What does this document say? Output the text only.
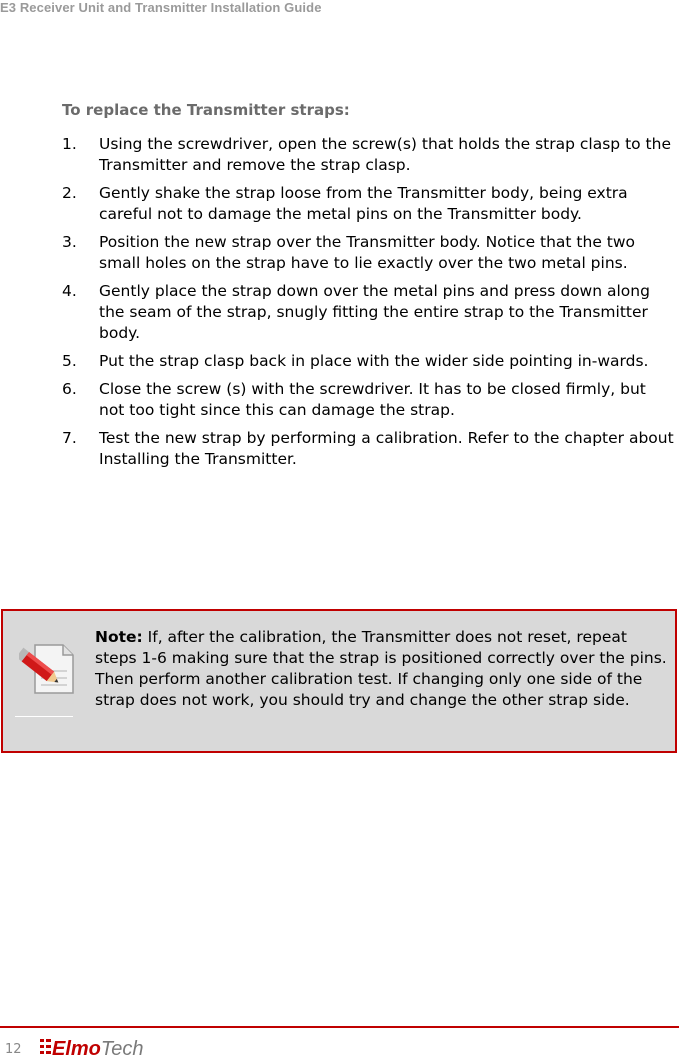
E3 Receiver Unit and Transmitter Installation Guide
To replace the Transmitter straps:
1.	Using the screwdriver, open the screw(s) that holds the strap clasp to the Transmitter and remove the strap clasp.
2.	Gently shake the strap loose from the Transmitter body, being extra careful not to damage the metal pins on the Transmitter body.
3.	Position the new strap over the Transmitter body. Notice that the two small holes on the strap have to lie exactly over the two metal pins.
4.	Gently place the strap down over the metal pins and press down along the seam of the strap, snugly fitting the entire strap to the Transmitter body.
5.	Put the strap clasp back in place with the wider side pointing in-wards.
6.	Close the screw (s) with the screwdriver. It has to be closed firmly, but not too tight since this can damage the strap.
7.	Test the new strap by performing a calibration. Refer to the chapter about Installing the Transmitter.
Note: If, after the calibration, the Transmitter does not reset, repeat steps 1-6 making sure that the strap is positioned correctly over the pins. Then perform another calibration test. If changing only one side of the strap does not work, you should try and change the other strap side.
12 ElmoTech
